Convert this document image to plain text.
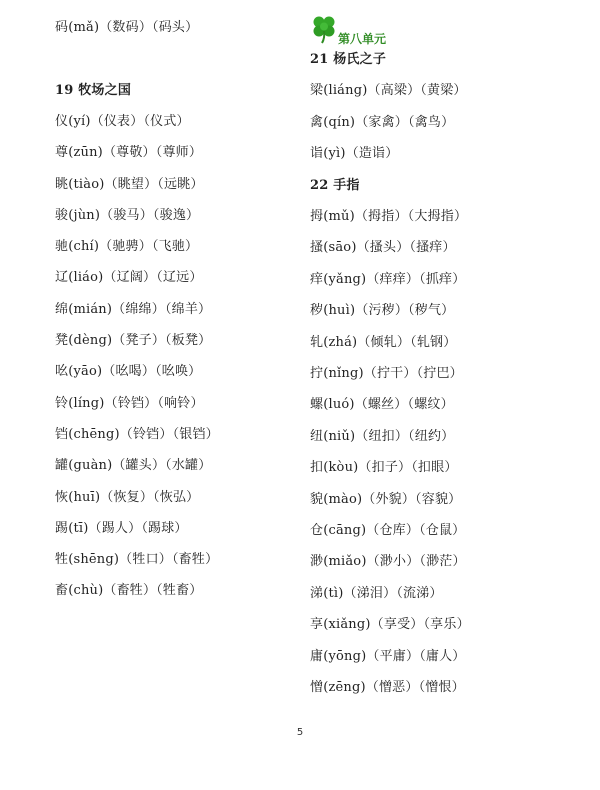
码(mǎ)（数码）（码头）
19 牧场之国
仪(yí)（仪表）（仪式）
尊(zūn)（尊敬）（尊师）
眺(tiào)（眺望）（远眺）
骏(jùn)（骏马）（骏逸）
驰(chí)（驰骋）（飞驰）
辽(liáo)（辽阔）（辽远）
绵(mián)（绵绵）（绵羊）
凳(dèng)（凳子）（板凳）
吆(yāo)（吆喝）（吆唤）
铃(líng)（铃铛）（响铃）
铛(chēng)（铃铛）（银铛）
罐(guàn)（罐头）（水罐）
恢(huī)（恢复）（恢弘）
踢(tī)（踢人）（踢球）
牲(shēng)（牲口）（畜牲）
畜(chù)（畜牲）（牲畜）
第八单元
21 杨氏之子
梁(liáng)（高梁）（黄梁）
禽(qín)（家禽）（禽鸟）
诣(yì)（造诣）
22 手指
拇(mǔ)（拇指）（大拇指）
搔(sāo)（搔头）（搔痒）
痒(yǎng)（痒痒）（抓痒）
秽(huì)（污秽）（秽气）
轧(zhá)（倾轧）（轧钢）
拧(nǐng)（拧干）（拧巴）
螺(luó)（螺丝）（螺纹）
纽(niǔ)（纽扣）（纽约）
扣(kòu)（扣子）（扣眼）
貌(mào)（外貌）（容貌）
仓(cāng)（仓库）（仓鼠）
渺(miǎo)（渺小）（渺茫）
涕(tì)（涕泪）（流涕）
享(xiǎng)（享受）（享乐）
庸(yōng)（平庸）（庸人）
憎(zēng)（憎恶）（憎恨）
5
